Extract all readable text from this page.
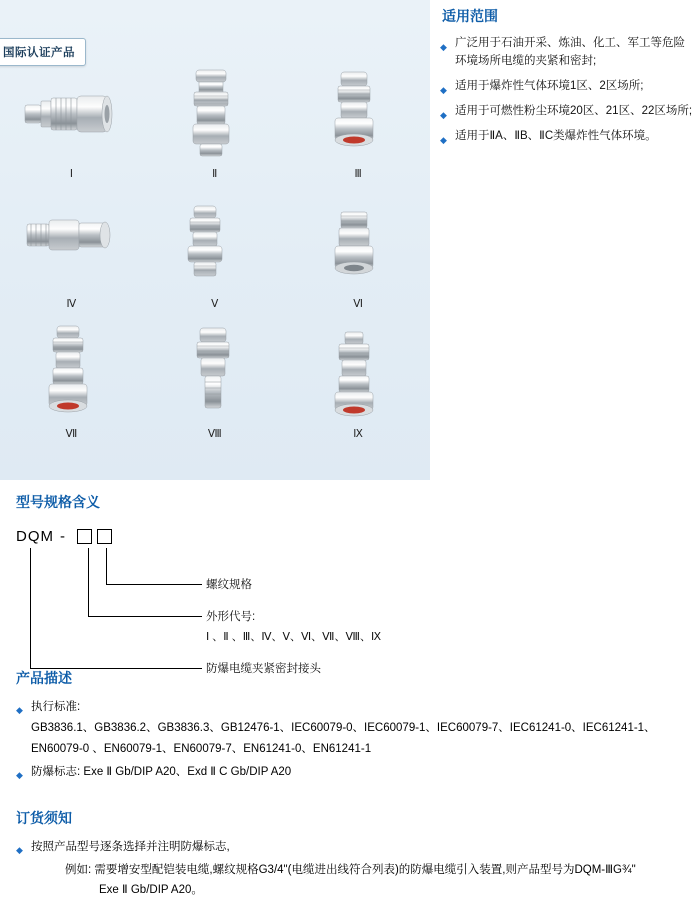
国际认证产品
Ⅰ	Ⅱ	Ⅲ
Ⅳ	Ⅴ	Ⅵ
Ⅶ	Ⅷ	Ⅸ
适用范围
◆ 广泛用于石油开采、炼油、化工、军工等危险环境场所电缆的夹紧和密封;
◆ 适用于爆炸性气体环境1区、2区场所;
◆ 适用于可燃性粉尘环境20区、21区、22区场所;
◆ 适用于ⅡA、ⅡB、ⅡC类爆炸性气体环境。
型号规格含义
DQM -
螺纹规格
外形代号:
Ⅰ 、Ⅱ 、Ⅲ、Ⅳ、Ⅴ、Ⅵ、Ⅶ、Ⅷ、Ⅸ
防爆电缆夹紧密封接头
产品描述
◆ 执行标准:
GB3836.1、GB3836.2、GB3836.3、GB12476-1、IEC60079-0、IEC60079-1、IEC60079-7、IEC61241-0、IEC61241-1、
EN60079-0 、EN60079-1、EN60079-7、EN61241-0、EN61241-1
◆ 防爆标志: Exe Ⅱ Gb/DIP A20、Exd Ⅱ C Gb/DIP A20
订货须知
◆ 按照产品型号逐条选择并注明防爆标志,
例如: 需要增安型配铠装电缆,螺纹规格G3/4"(电缆进出线符合列表)的防爆电缆引入装置,则产品型号为DQM-ⅢG¾"
Exe Ⅱ Gb/DIP A20。
